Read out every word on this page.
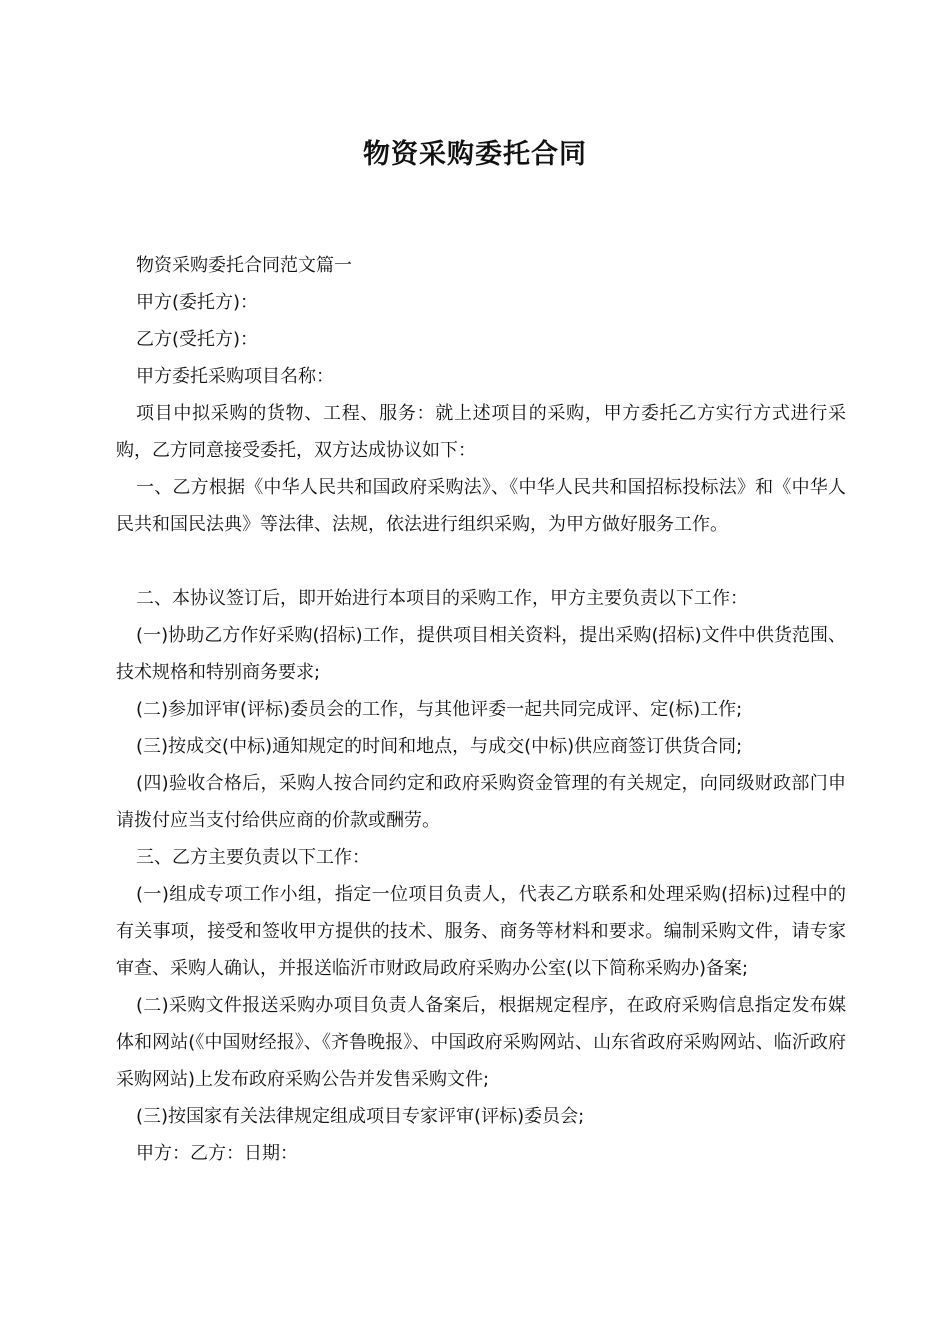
物资采购委托合同

物资采购委托合同范文篇一

甲方(委托方)：

乙方(受托方)：

甲方委托采购项目名称：

项目中拟采购的货物、工程、服务：就上述项目的采购，甲方委托乙方实行方式进行采购，乙方同意接受委托，双方达成协议如下：

一、乙方根据《中华人民共和国政府采购法》、《中华人民共和国招标投标法》和《中华人民共和国民法典》等法律、法规，依法进行组织采购，为甲方做好服务工作。

二、本协议签订后，即开始进行本项目的采购工作，甲方主要负责以下工作：

(一)协助乙方作好采购(招标)工作，提供项目相关资料，提出采购(招标)文件中供货范围、技术规格和特别商务要求;

(二)参加评审(评标)委员会的工作，与其他评委一起共同完成评、定(标)工作;

(三)按成交(中标)通知规定的时间和地点，与成交(中标)供应商签订供货合同;

(四)验收合格后，采购人按合同约定和政府采购资金管理的有关规定，向同级财政部门申请拨付应当支付给供应商的价款或酬劳。

三、乙方主要负责以下工作：

(一)组成专项工作小组，指定一位项目负责人，代表乙方联系和处理采购(招标)过程中的有关事项，接受和签收甲方提供的技术、服务、商务等材料和要求。编制采购文件，请专家审查、采购人确认，并报送临沂市财政局政府采购办公室(以下简称采购办)备案;

(二)采购文件报送采购办项目负责人备案后，根据规定程序，在政府采购信息指定发布媒体和网站(《中国财经报》、《齐鲁晚报》、中国政府采购网站、山东省政府采购网站、临沂政府采购网站)上发布政府采购公告并发售采购文件;

(三)按国家有关法律规定组成项目专家评审(评标)委员会;

甲方：乙方：日期：
